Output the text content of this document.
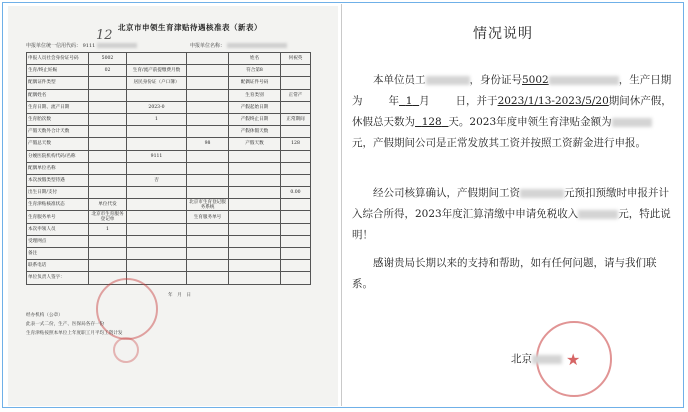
12
北京市申领生育津贴待遇核准表（新表）
申报单位统一信用代码： 9111	申报单位名称：
申报人员社会身份证号码	5002			姓名	何祝英
生育/终止妊娠	02	生育/流产前提缴费月数		符合第8	
配偶证件类型		居民身份证（户口簿）		配偶证件号码	
配偶姓名				生育类别	正常产
生育日期、流产日期		2023-0		产假起始日期	
生育胎次数		1		产假终止日期	正常期间
产假天数外合计天数				产假休假天数	
产假总天数			98	产假天数	128
分娩医院机构代码/名称		9111			
配偶单位名称					
本次放假类型待遇		否			
出生日期/支付					0.00
生育津贴核准状态	单位代发		北京市生育登记服务系统		
生育服务单号	北京市生育服务登记单		生育服务单号		
本次申领人员	1				
受理网点					
备注					
联系电话					
单位负责人签字：					
年　月　日
经办机构（公章）
此表一式二份，生产、医保局各存一份
生育津贴按照本单位上年度职工月平均工资计发
情况说明
本单位员工	，身份证号5002	，生产日期为 年 1 月 日，并于2023/1/13-2023/5/20期间休产假，休假总天数为 128 天。2023年度申领生育津贴金额为元，产假期间公司是正常发放其工资并按照工资薪金进行申报。
经公司核算确认，产假期间工资	元预扣预缴时申报并计入综合所得，2023年度汇算清缴中申请免税收入	元，特此说明！
感谢贵局长期以来的支持和帮助，如有任何问题，请与我们联系。
★
北京
